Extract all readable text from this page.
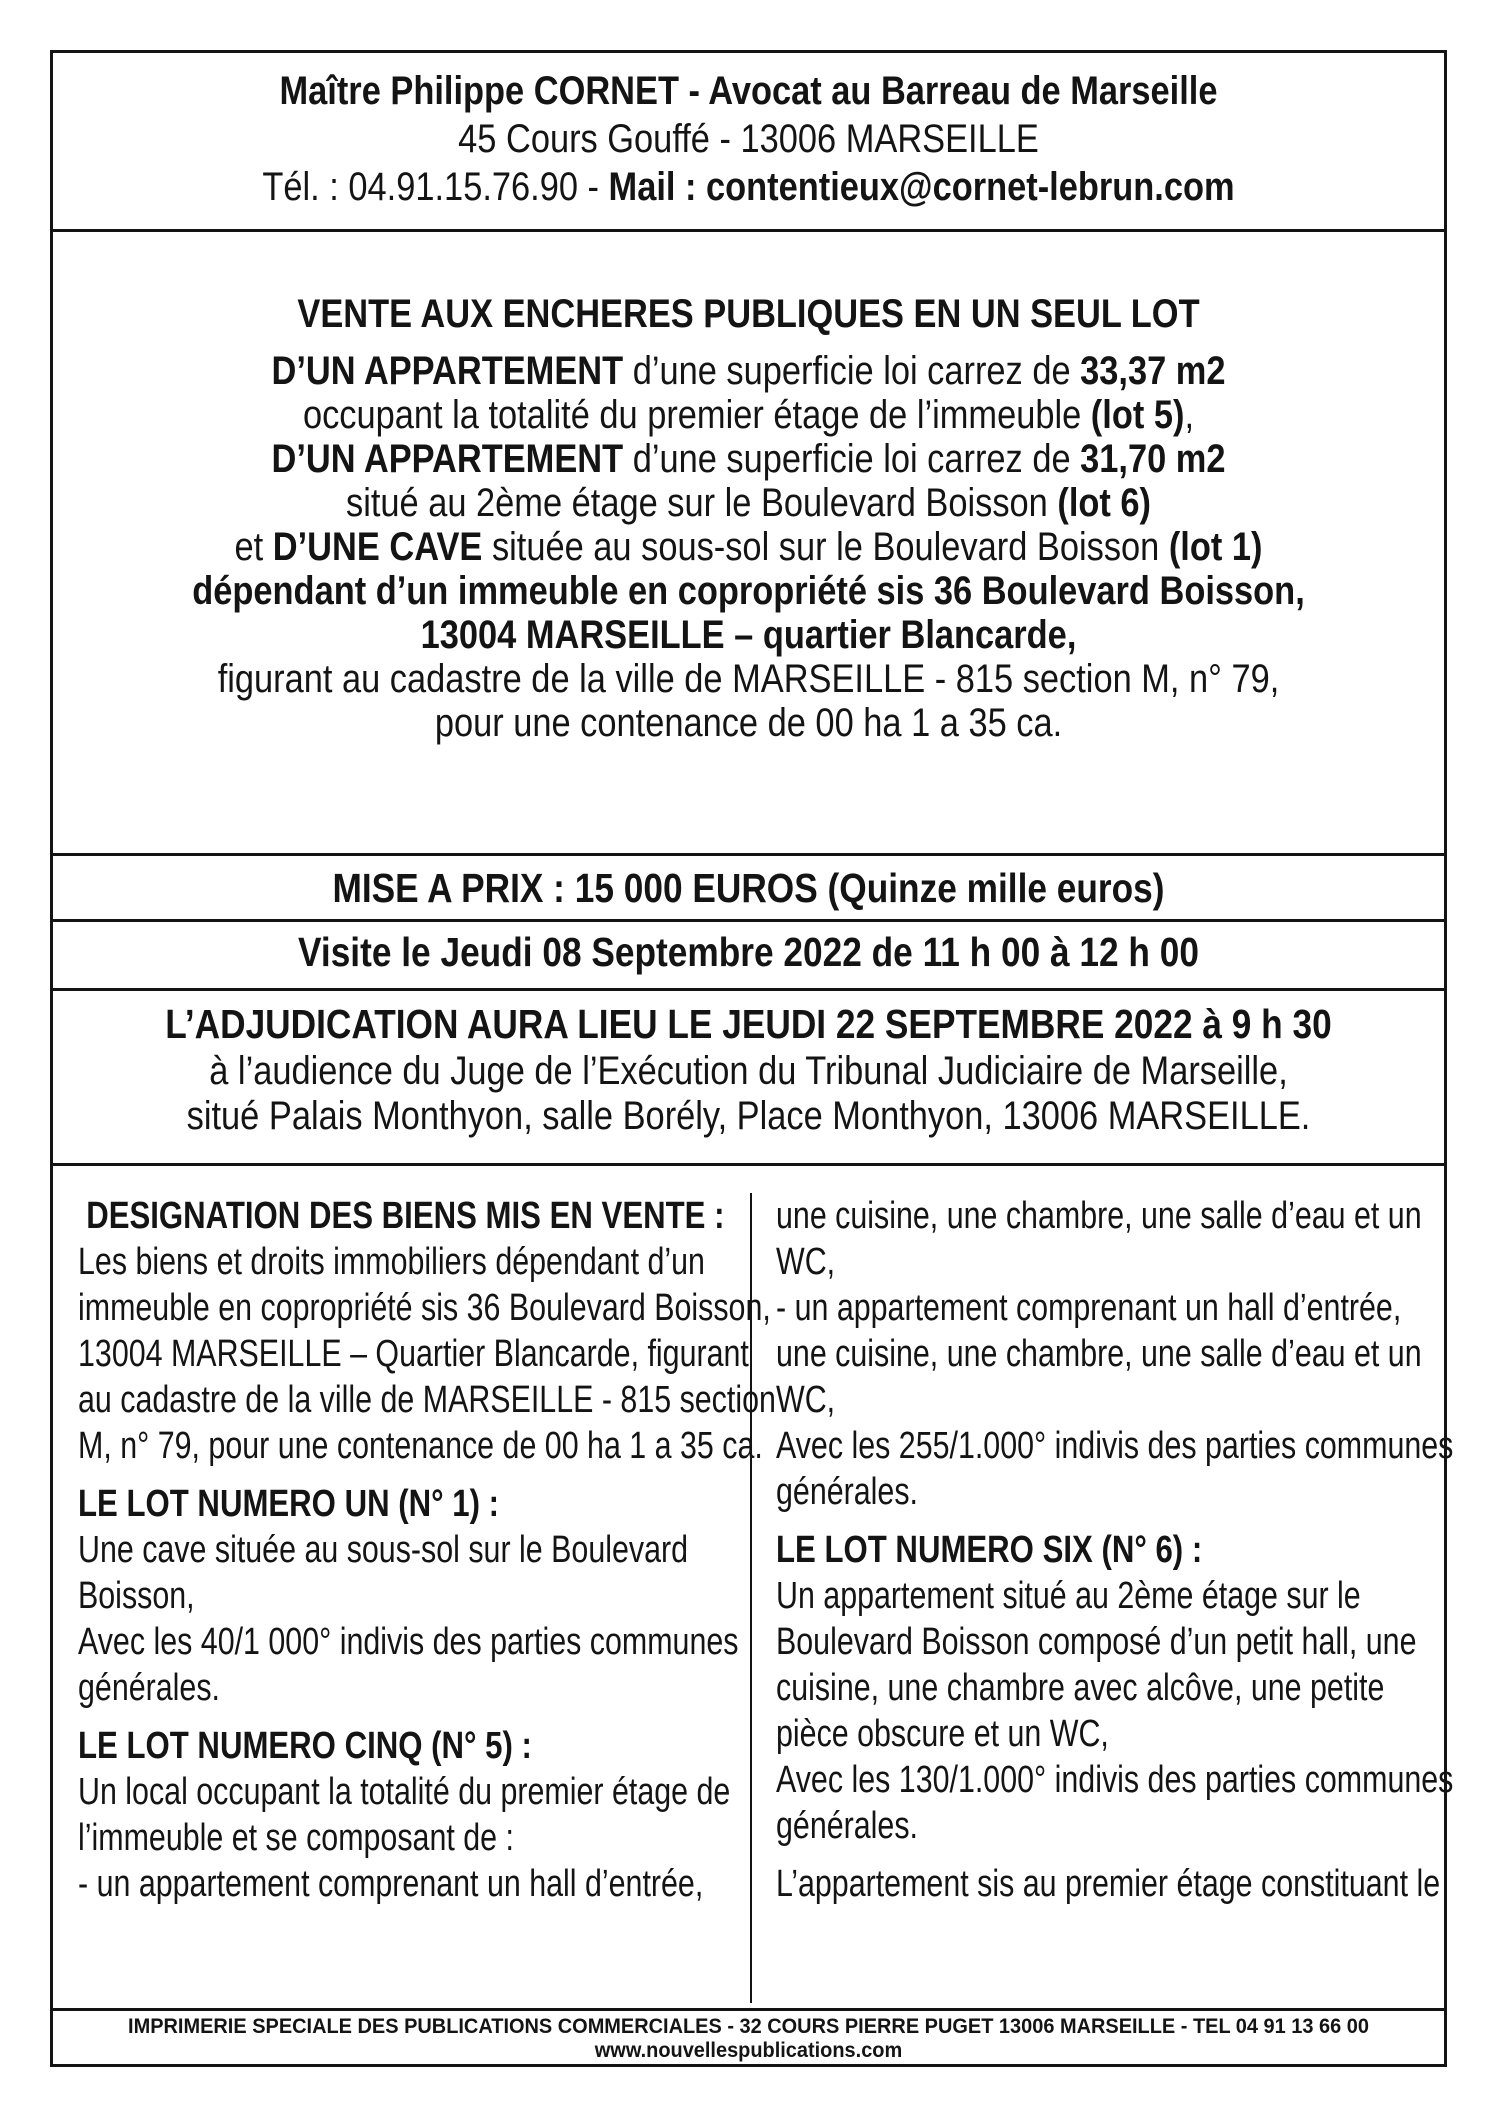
Maître Philippe CORNET - Avocat au Barreau de Marseille
45 Cours Gouffé - 13006 MARSEILLE
Tél. : 04.91.15.76.90 - Mail : contentieux@cornet-lebrun.com
VENTE AUX ENCHERES PUBLIQUES EN UN SEUL LOT
D’UN APPARTEMENT d’une superficie loi carrez de 33,37 m2
occupant la totalité du premier étage de l’immeuble (lot 5),
D’UN APPARTEMENT d’une superficie loi carrez de 31,70 m2
situé au 2ème étage sur le Boulevard Boisson (lot 6)
et D’UNE CAVE située au sous-sol sur le Boulevard Boisson (lot 1)
dépendant d’un immeuble en copropriété sis 36 Boulevard Boisson,
13004 MARSEILLE – quartier Blancarde,
figurant au cadastre de la ville de MARSEILLE - 815 section M, n° 79,
pour une contenance de 00 ha 1 a 35 ca.
MISE A PRIX : 15 000 EUROS (Quinze mille euros)
Visite le Jeudi 08 Septembre 2022 de 11 h 00 à 12 h 00
L’ADJUDICATION AURA LIEU LE JEUDI 22 SEPTEMBRE 2022 à 9 h 30
à l’audience du Juge de l’Exécution du Tribunal Judiciaire de Marseille,
situé Palais Monthyon, salle Borély, Place Monthyon, 13006 MARSEILLE.
DESIGNATION DES BIENS MIS EN VENTE :
Les biens et droits immobiliers dépendant d’un
immeuble en copropriété sis 36 Boulevard Boisson,
13004 MARSEILLE – Quartier Blancarde, figurant
au cadastre de la ville de MARSEILLE - 815 section
M, n° 79, pour une contenance de 00 ha 1 a 35 ca.
LE LOT NUMERO UN (N° 1) :
Une cave située au sous-sol sur le Boulevard
Boisson,
Avec les 40/1 000° indivis des parties communes
générales.
LE LOT NUMERO CINQ (N° 5) :
Un local occupant la totalité du premier étage de
l’immeuble et se composant de :
- un appartement comprenant un hall d’entrée,
une cuisine, une chambre, une salle d’eau et un
WC,
- un appartement comprenant un hall d’entrée,
une cuisine, une chambre, une salle d’eau et un
WC,
Avec les 255/1.000° indivis des parties communes
générales.
LE LOT NUMERO SIX (N° 6) :
Un appartement situé au 2ème étage sur le
Boulevard Boisson composé d’un petit hall, une
cuisine, une chambre avec alcôve, une petite
pièce obscure et un WC,
Avec les 130/1.000° indivis des parties communes
générales.
L’appartement sis au premier étage constituant le
IMPRIMERIE SPECIALE DES PUBLICATIONS COMMERCIALES - 32 COURS PIERRE PUGET 13006 MARSEILLE - TEL 04 91 13 66 00
www.nouvellespublications.com
